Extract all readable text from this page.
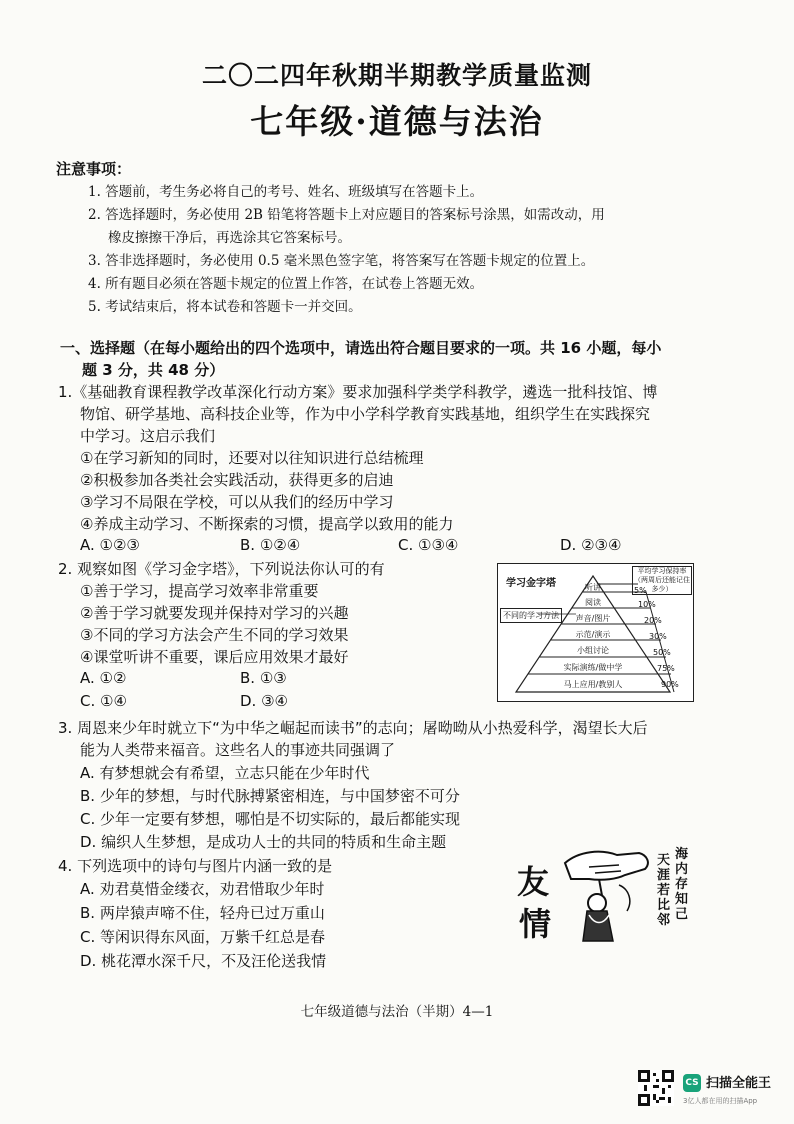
二〇二四年秋期半期教学质量监测
七年级·道德与法治
注意事项：
1. 答题前，考生务必将自己的考号、姓名、班级填写在答题卡上。
2. 答选择题时，务必使用 2B 铅笔将答题卡上对应题目的答案标号涂黑，如需改动，用
橡皮擦擦干净后，再选涂其它答案标号。
3. 答非选择题时，务必使用 0.5 毫米黑色签字笔，将答案写在答题卡规定的位置上。
4. 所有题目必须在答题卡规定的位置上作答，在试卷上答题无效。
5. 考试结束后，将本试卷和答题卡一并交回。
一、选择题（在每小题给出的四个选项中，请选出符合题目要求的一项。共 16 小题，每小
题 3 分，共 48 分）
1.《基础教育课程教学改革深化行动方案》要求加强科学类学科教学，遴选一批科技馆、博
物馆、研学基地、高科技企业等，作为中小学科学教育实践基地，组织学生在实践探究
中学习。这启示我们
①在学习新知的同时，还要对以往知识进行总结梳理
②积极参加各类社会实践活动，获得更多的启迪
③学习不局限在学校，可以从我们的经历中学习
④养成主动学习、不断探索的习惯，提高学以致用的能力
A. ①②③	B. ①②④	C. ①③④	D. ②③④
2. 观察如图《学习金字塔》，下列说法你认可的有
①善于学习，提高学习效率非常重要
②善于学习就要发现并保持对学习的兴趣
③不同的学习方法会产生不同的学习效果
④课堂听讲不重要，课后应用效果才最好
A. ①②	B. ①③
C. ①④	D. ③④
学习金字塔
不同的学习方法
平均学习保持率（两周后还能记住多少）
听讲
阅读
声音/图片
示范/演示
小组讨论
实际演练/做中学
马上应用/教别人
5%
10%
20%
30%
50%
75%
90%
3. 周恩来少年时就立下“为中华之崛起而读书”的志向；屠呦呦从小热爱科学，渴望长大后
能为人类带来福音。这些名人的事迹共同强调了
A. 有梦想就会有希望，立志只能在少年时代
B. 少年的梦想，与时代脉搏紧密相连，与中国梦密不可分
C. 少年一定要有梦想，哪怕是不切实际的，最后都能实现
D. 编织人生梦想，是成功人士的共同的特质和生命主题
4. 下列选项中的诗句与图片内涵一致的是
A. 劝君莫惜金缕衣，劝君惜取少年时
B. 两岸猿声啼不住，轻舟已过万重山
C. 等闲识得东风面，万紫千红总是春
D. 桃花潭水深千尺，不及汪伦送我情
友
情
海内存知己
天涯若比邻
七年级道德与法治（半期）4—1
CS 扫描全能王
3亿人都在用的扫描App
